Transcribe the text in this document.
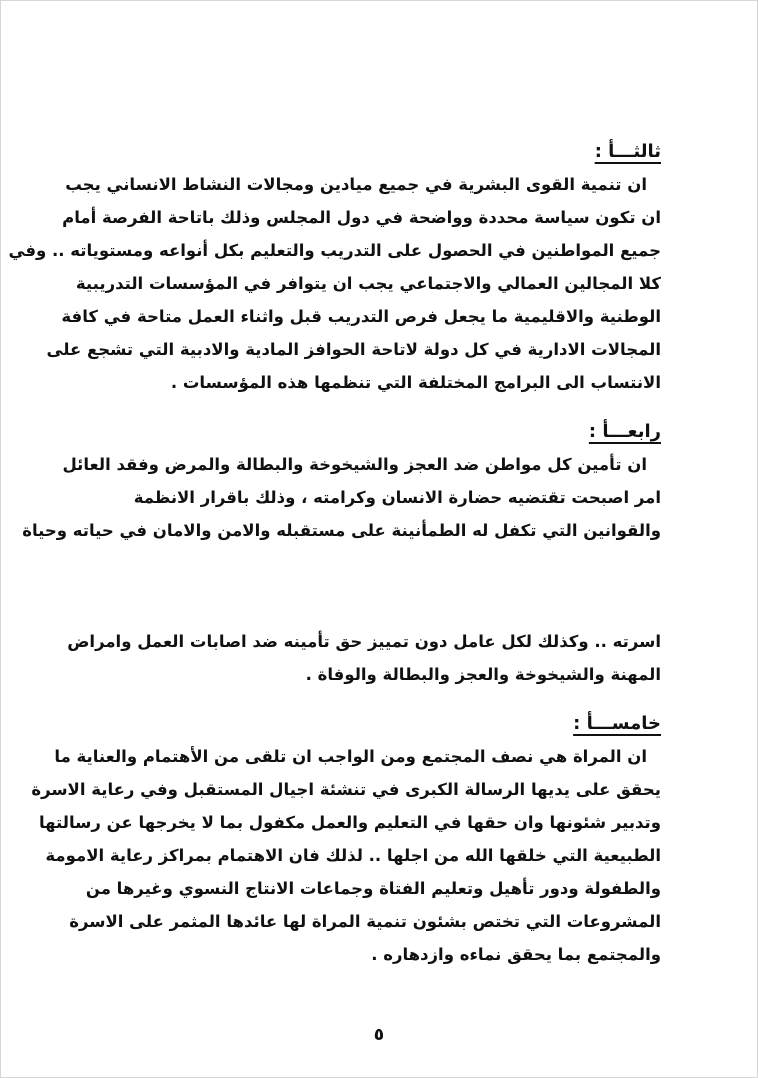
ثالثـــأ :

ان تنمية القوى البشرية في جميع ميادين ومجالات النشاط الانساني يجب

ان تكون سياسة محددة وواضحة في دول المجلس وذلك باتاحة الفرصة أمام

جميع المواطنين في الحصول على التدريب والتعليم بكل أنواعه ومستوياته .. وفي

كلا المجالين العمالي والاجتماعي يجب ان يتوافر في المؤسسات التدريبية

الوطنية والاقليمية ما يجعل فرص التدريب قبل واثناء العمل متاحة في كافة

المجالات الادارية في كل دولة لاتاحة الحوافز المادية والادبية التي تشجع على

الانتساب الى البرامج المختلفة التي تنظمها هذه المؤسسات .

رابعـــأ :

ان تأمين كل مواطن ضد العجز والشيخوخة والبطالة والمرض وفقد العائل

امر اصبحت تقتضيه حضارة الانسان وكرامته ، وذلك باقرار الانظمة

والقوانين التي تكفل له الطمأنينة على مستقبله والامن والامان في حياته وحياة

اسرته .. وكذلك لكل عامل دون تمييز حق تأمينه ضد اصابات العمل وامراض

المهنة والشيخوخة والعجز والبطالة والوفاة .

خامســـأ :

ان المراة هي نصف المجتمع ومن الواجب ان تلقى من الأهتمام والعناية ما

يحقق على يديها الرسالة الكبرى في تنشئة اجيال المستقبل وفي رعاية الاسرة

وتدبير شئونها وان حقها في التعليم والعمل مكفول بما لا يخرجها عن رسالتها

الطبيعية التي خلقها الله من اجلها .. لذلك فان الاهتمام بمراكز رعاية الامومة

والطفولة ودور تأهيل وتعليم الفتاة وجماعات الانتاج النسوي وغيرها من

المشروعات التي تختص بشئون تنمية المراة لها عائدها المثمر على الاسرة

والمجتمع بما يحقق نماءه وازدهاره .

٥
